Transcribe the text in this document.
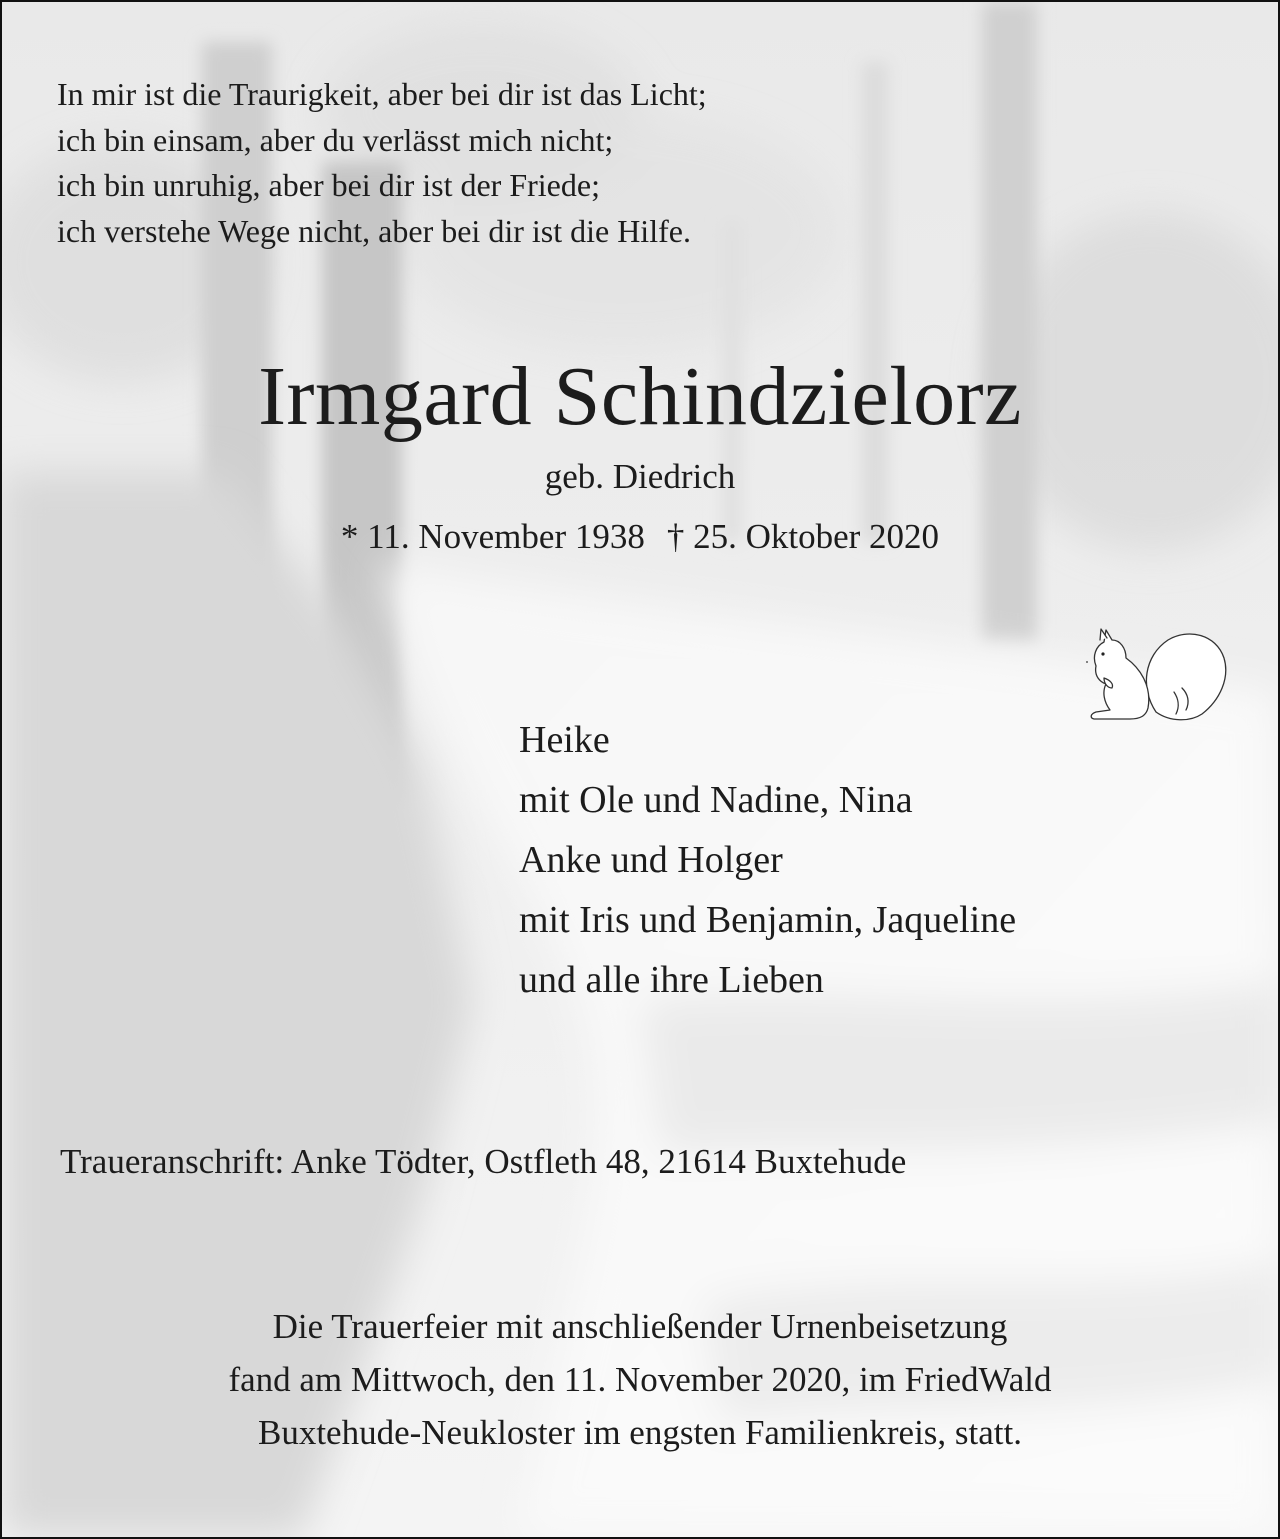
In mir ist die Traurigkeit, aber bei dir ist das Licht;
ich bin einsam, aber du verlässt mich nicht;
ich bin unruhig, aber bei dir ist der Friede;
ich verstehe Wege nicht, aber bei dir ist die Hilfe.
Irmgard Schindzielorz
geb. Diedrich
* 11. November 1938 † 25. Oktober 2020
Heike
mit Ole und Nadine, Nina
Anke und Holger
mit Iris und Benjamin, Jaqueline
und alle ihre Lieben
Traueranschrift: Anke Tödter, Ostfleth 48, 21614 Buxtehude
Die Trauerfeier mit anschließender Urnenbeisetzung
fand am Mittwoch, den 11. November 2020, im FriedWald
Buxtehude-Neukloster im engsten Familienkreis, statt.
